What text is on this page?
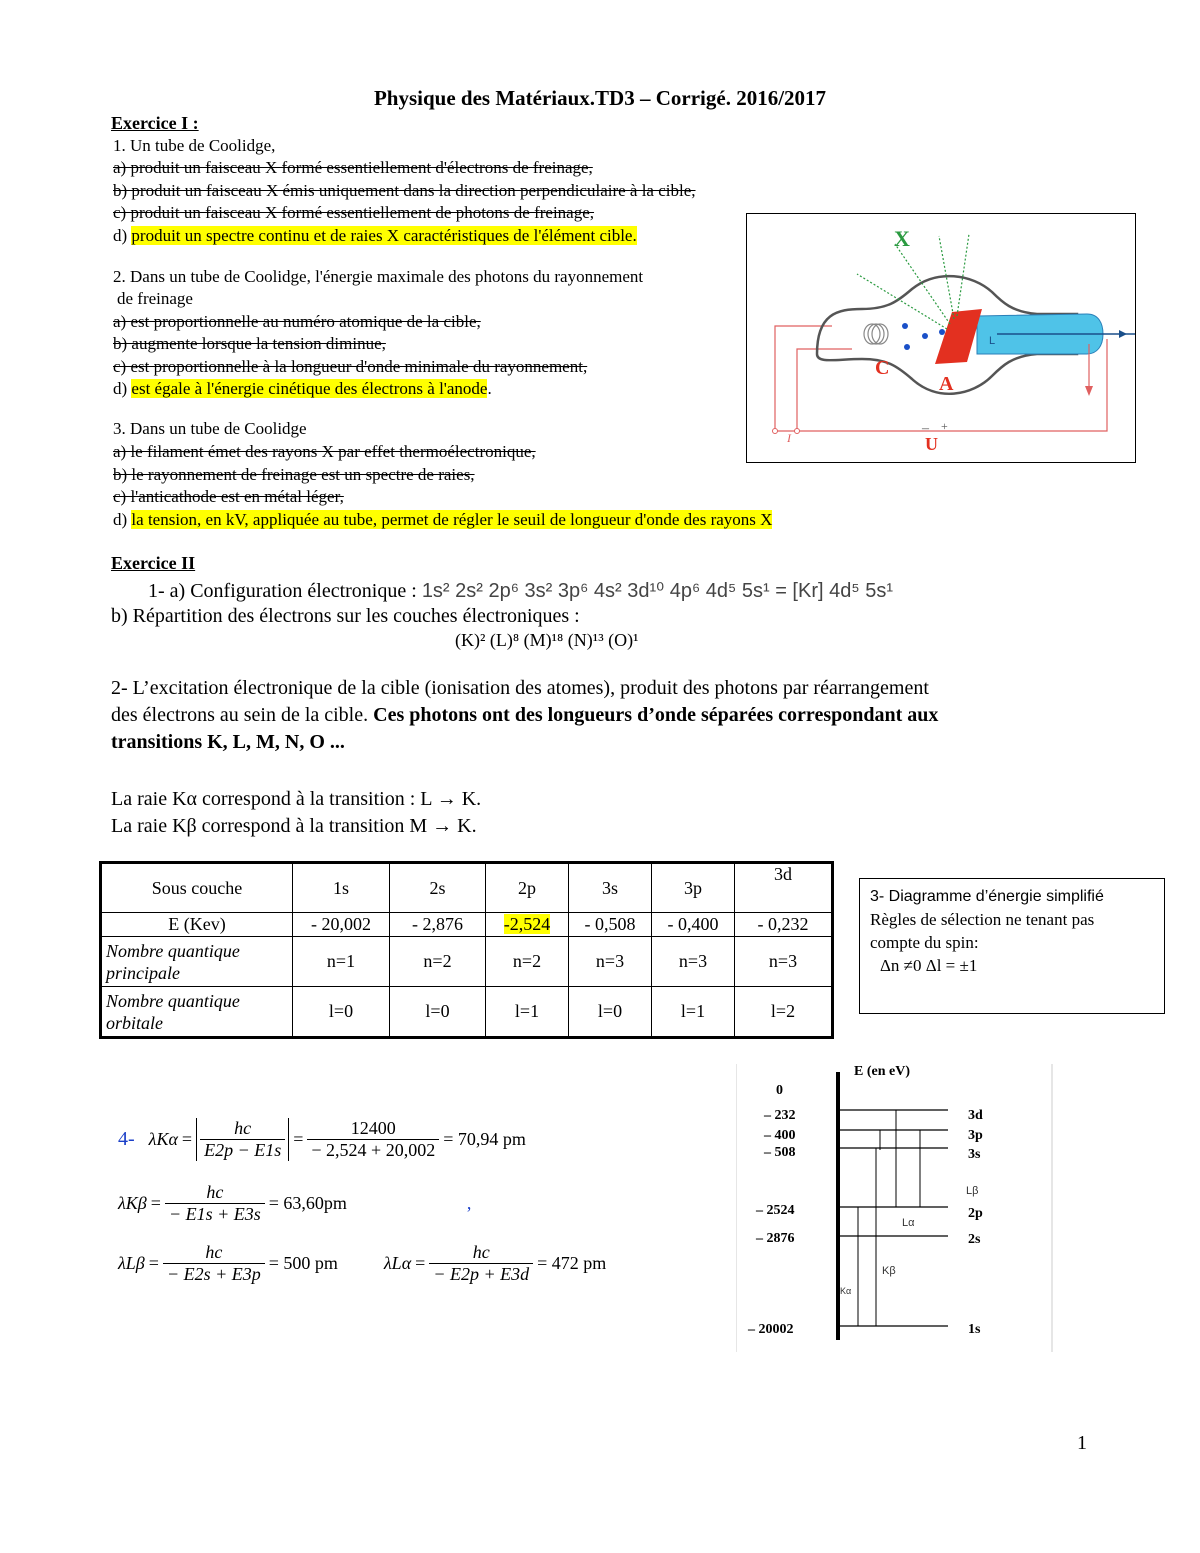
Physique des Matériaux.TD3 – Corrigé. 2016/2017
Exercice I :
1. Un tube de Coolidge,
a) produit un faisceau X formé essentiellement d'électrons de freinage,
b) produit un faisceau X émis uniquement dans la direction perpendiculaire à la cible,
c) produit un faisceau X formé essentiellement de photons de freinage,
d) produit un spectre continu et de raies X caractéristiques de l'élément cible.
2. Dans un tube de Coolidge, l'énergie maximale des photons du rayonnement
de freinage
a) est proportionnelle au numéro atomique de la cible,
b) augmente lorsque la tension diminue,
c) est proportionnelle à la longueur d'onde minimale du rayonnement,
d) est égale à l'énergie cinétique des électrons à l'anode.
3. Dans un tube de Coolidge
a) le filament émet des rayons X par effet thermoélectronique,
b) le rayonnement de freinage est un spectre de raies,
c) l'anticathode est en métal léger,
d) la tension, en kV, appliquée au tube, permet de régler le seuil de longueur d'onde des rayons X
X
C
A
L
U
– +
I
Exercice II
1- a) Configuration électronique : 1s² 2s² 2p⁶ 3s² 3p⁶ 4s² 3d¹⁰ 4p⁶ 4d⁵ 5s¹ = [Kr] 4d⁵ 5s¹
b) Répartition des électrons sur les couches électroniques :
(K)² (L)⁸ (M)¹⁸ (N)¹³ (O)¹
2- L’excitation électronique de la cible (ionisation des atomes), produit des photons par réarrangement
des électrons au sein de la cible. Ces photons ont des longueurs d’onde séparées correspondant aux
transitions K, L, M, N, O ...
La raie Kα correspond à la transition : L → K.
La raie Kβ correspond à la transition M → K.
Sous couche	1s	2s	2p	3s	3p	3d
E (Kev)	- 20,002	- 2,876	-2,524	- 0,508	- 0,400	- 0,232
Nombre quantique principale	n=1	n=2	n=2	n=3	n=3	n=3
Nombre quantique orbitale	l=0	l=0	l=1	l=0	l=1	l=2
3- Diagramme d’énergie simplifié
Règles de sélection ne tenant pas
compte du spin:
Δn ≠0 Δl = ±1
4- $\lambda K\alpha = \frac{hc}{E2p - E1s} = \frac{12400}{- 2,524 + 20,002} = 70,94$ pm
$\lambda K\beta = \frac{hc}{- E1s + E3s} = 63,60pm$	,
$\lambda L\beta = \frac{hc}{- E2s + E3p} = 500$ pm	$\lambda L\alpha = \frac{hc}{- E2p + E3d} = 472$ pm
E (en eV)
0
– 232	3d
– 400	3p
– 508	3s
– 2524	2p
– 2876	2s
– 20002	1s
Lβ
Lα
Kβ
Kα
1
